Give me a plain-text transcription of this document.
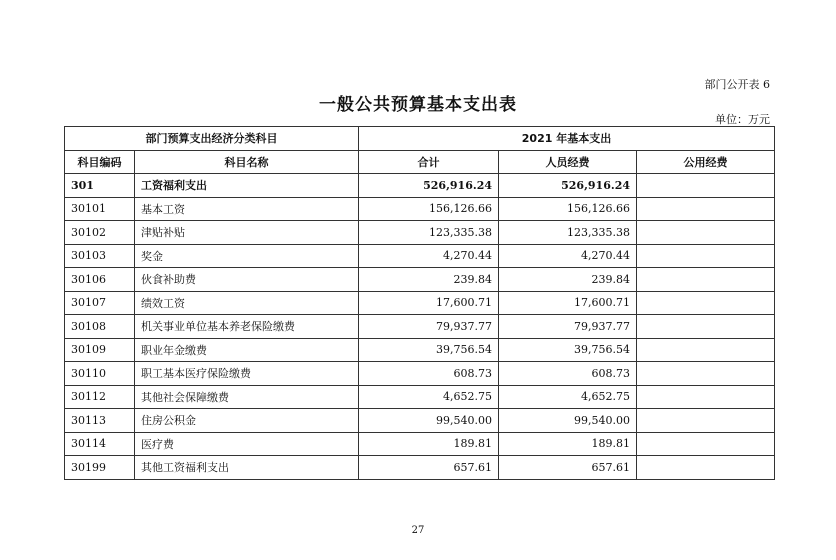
部门公开表 6
一般公共预算基本支出表
单位：万元
部门预算支出经济分类科目		2021 年基本支出		
科目编码	科目名称	合计	人员经费	公用经费
301	工资福利支出	526,916.24	526,916.24	
30101	基本工资	156,126.66	156,126.66	
30102	津贴补贴	123,335.38	123,335.38	
30103	奖金	4,270.44	4,270.44	
30106	伙食补助费	239.84	239.84	
30107	绩效工资	17,600.71	17,600.71	
30108	机关事业单位基本养老保险缴费	79,937.77	79,937.77	
30109	职业年金缴费	39,756.54	39,756.54	
30110	职工基本医疗保险缴费	608.73	608.73	
30112	其他社会保障缴费	4,652.75	4,652.75	
30113	住房公积金	99,540.00	99,540.00	
30114	医疗费	189.81	189.81	
30199	其他工资福利支出	657.61	657.61	
27
